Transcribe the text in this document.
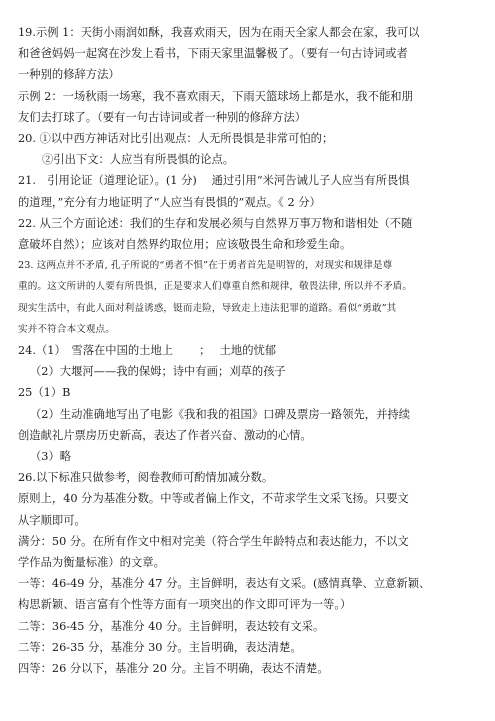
19.示例 1：天街小雨润如酥，我喜欢雨天，因为在雨天全家人都会在家，我可以
和爸爸妈妈一起窝在沙发上看书，下雨天家里温馨极了。（要有一句古诗词或者
一种别的修辞方法）
示例 2：一场秋雨一场寒，我不喜欢雨天，下雨天篮球场上都是水，我不能和朋
友们去打球了。（要有一句古诗词或者一种别的修辞方法）
20. ①以中西方神话对比引出观点：人无所畏惧是非常可怕的；
②引出下文：人应当有所畏惧的论点。
21.　引用论证（道理论证）。(1 分)　 通过引用“米河告诫儿子人应当有所畏惧
的道理，”充分有力地证明了“人应当有畏惧的”观点。《 2 分）
22. 从三个方面论述：我们的生存和发展必须与自然界万事万物和谐相处（不随
意破坏自然）；应该对自然界约取位用；应该敬畏生命和珍爱生命。
23. 这两点并不矛盾, 孔子所说的“勇者不惧”在于勇者首先是明智的，对现实和规律是尊
重的。这文所讲的人要有所畏惧，正是要求人们尊重自然和规律，敬畏法律, 所以并不矛盾。
现实生活中，有此人面对利益诱惑，铤而走险，导致走上违法犯罪的道路。看似“勇敢”其
实并不符合本文观点。
24.（1）　雪落在中国的土地上 ；　 土地的忧郁
（2）大堰河——我的保姆；诗中有画；刈草的孩子
25（1）B
（2）生动准确地写出了电影《我和我的祖国》口碑及票房一路领先，并持续
创造献礼片票房历史新高，表达了作者兴奋、激动的心情。
（3）略
26.以下标准只做参考，阅卷教师可酌情加减分数。
原则上，40 分为基准分数。中等或者偏上作文，不苛求学生文采飞扬。只要文
从字顺即可。
满分：50 分。在所有作文中相对完美（符合学生年龄特点和表达能力，不以文
学作品为衡量标准）的文章。
一等：46-49 分，基准分 47 分。主旨鲜明，表达有文采。(感情真挚、立意新颖、
构思新颖、语言富有个性等方面有一项突出的作文即可评为一等。）
二等：36-45 分，基准分 40 分。主旨鲜明，表达较有文采。
二等：26-35 分，基准分 30 分。主旨明确，表达清楚。
四等：26 分以下，基准分 20 分。主旨不明确，表达不清楚。
